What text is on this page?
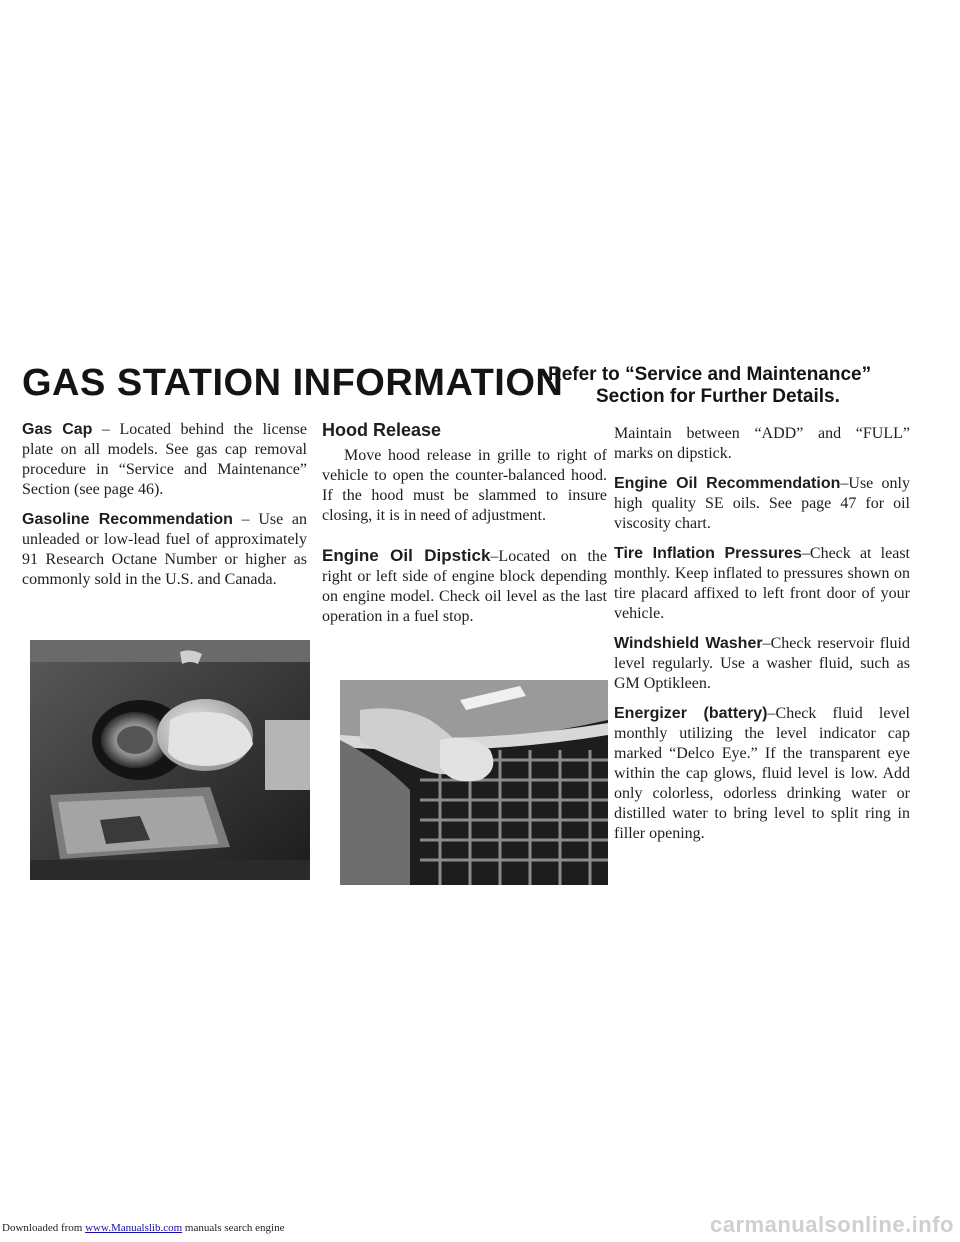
GAS STATION INFORMATION
Refer to “Service and Maintenance”
Section for Further Details.

Gas Cap – Located behind the license plate on all models. See gas cap removal procedure in “Service and Maintenance” Section (see page 46).

Gasoline Recommendation – Use an unleaded or low-lead fuel of approximately 91 Research Octane Number or higher as commonly sold in the U.S. and Canada.

Hood Release

Move hood release in grille to right of vehicle to open the counter-balanced hood. If the hood must be slammed to insure closing, it is in need of adjustment.

Engine Oil Dipstick–Located on the right or left side of engine block depending on engine model. Check oil level as the last operation in a fuel stop.

Maintain between “ADD” and “FULL” marks on dipstick.

Engine Oil Recommendation–Use only high quality SE oils. See page 47 for oil viscosity chart.

Tire Inflation Pressures–Check at least monthly. Keep inflated to pressures shown on tire placard affixed to left front door of your vehicle.

Windshield Washer–Check reservoir fluid level regularly. Use a washer fluid, such as GM Optikleen.

Energizer (battery)–Check fluid level monthly utilizing the level indicator cap marked “Delco Eye.” If the transparent eye within the cap glows, fluid level is low. Add only colorless, odorless drinking water or distilled water to bring level to split ring in filler opening.

Downloaded from www.Manualslib.com manuals search engine	carmanualsonline.info
